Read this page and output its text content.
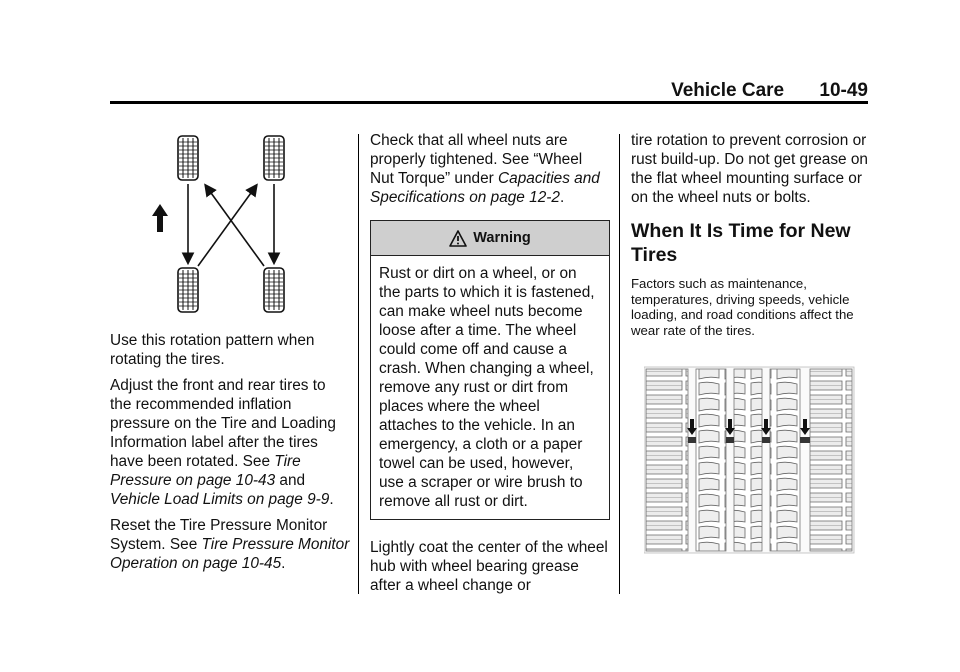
Vehicle Care 10-49

Use this rotation pattern when rotating the tires.

Adjust the front and rear tires to the recommended inflation pressure on the Tire and Loading Information label after the tires have been rotated. See Tire Pressure on page 10-43 and Vehicle Load Limits on page 9-9.

Reset the Tire Pressure Monitor System. See Tire Pressure Monitor Operation on page 10-45.

Check that all wheel nuts are properly tightened. See “Wheel Nut Torque” under Capacities and Specifications on page 12-2.

Warning
Rust or dirt on a wheel, or on the parts to which it is fastened, can make wheel nuts become loose after a time. The wheel could come off and cause a crash. When changing a wheel, remove any rust or dirt from places where the wheel attaches to the vehicle. In an emergency, a cloth or a paper towel can be used, however, use a scraper or wire brush to remove all rust or dirt.

Lightly coat the center of the wheel hub with wheel bearing grease after a wheel change or

tire rotation to prevent corrosion or rust build-up. Do not get grease on the flat wheel mounting surface or on the wheel nuts or bolts.

When It Is Time for New Tires

Factors such as maintenance, temperatures, driving speeds, vehicle loading, and road conditions affect the wear rate of the tires.
